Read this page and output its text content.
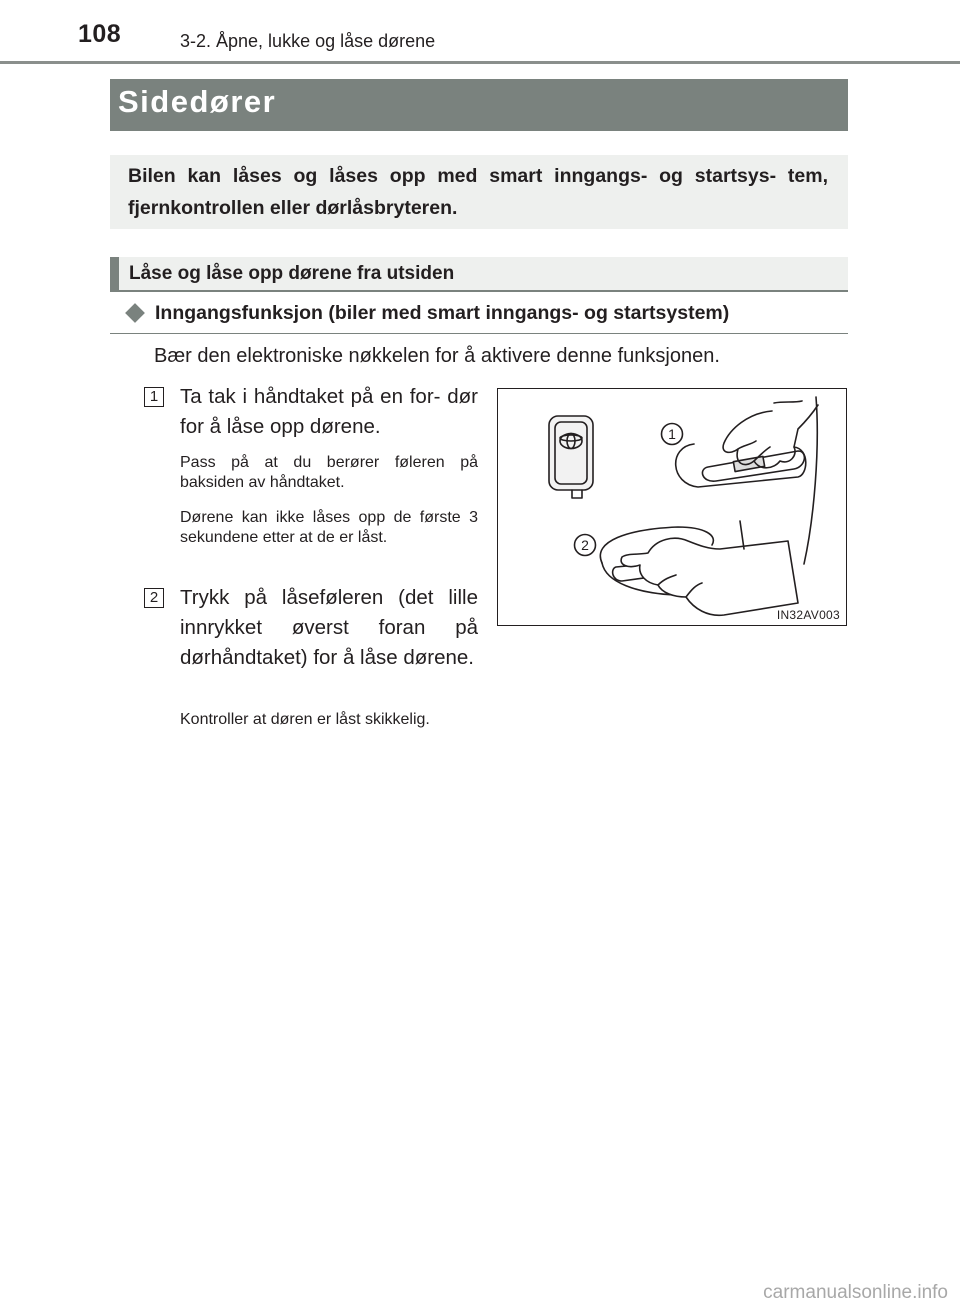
108	3-2. Åpne, lukke og låse dørene
Sidedører
Bilen kan låses og låses opp med smart inngangs- og startsys- tem, fjernkontrollen eller dørlåsbryteren.
Låse og låse opp dørene fra utsiden
Inngangsfunksjon (biler med smart inngangs- og startsystem)
Bær den elektroniske nøkkelen for å aktivere denne funksjonen.
1 Ta tak i håndtaket på en for- dør for å låse opp dørene.
Pass på at du berører føleren på baksiden av håndtaket.
Dørene kan ikke låses opp de første 3 sekundene etter at de er låst.
2 Trykk på låseføleren (det lille innrykket øverst foran på dørhåndtaket) for å låse dørene.
Kontroller at døren er låst skikkelig.
1
2
IN32AV003
carmanualsonline.info
